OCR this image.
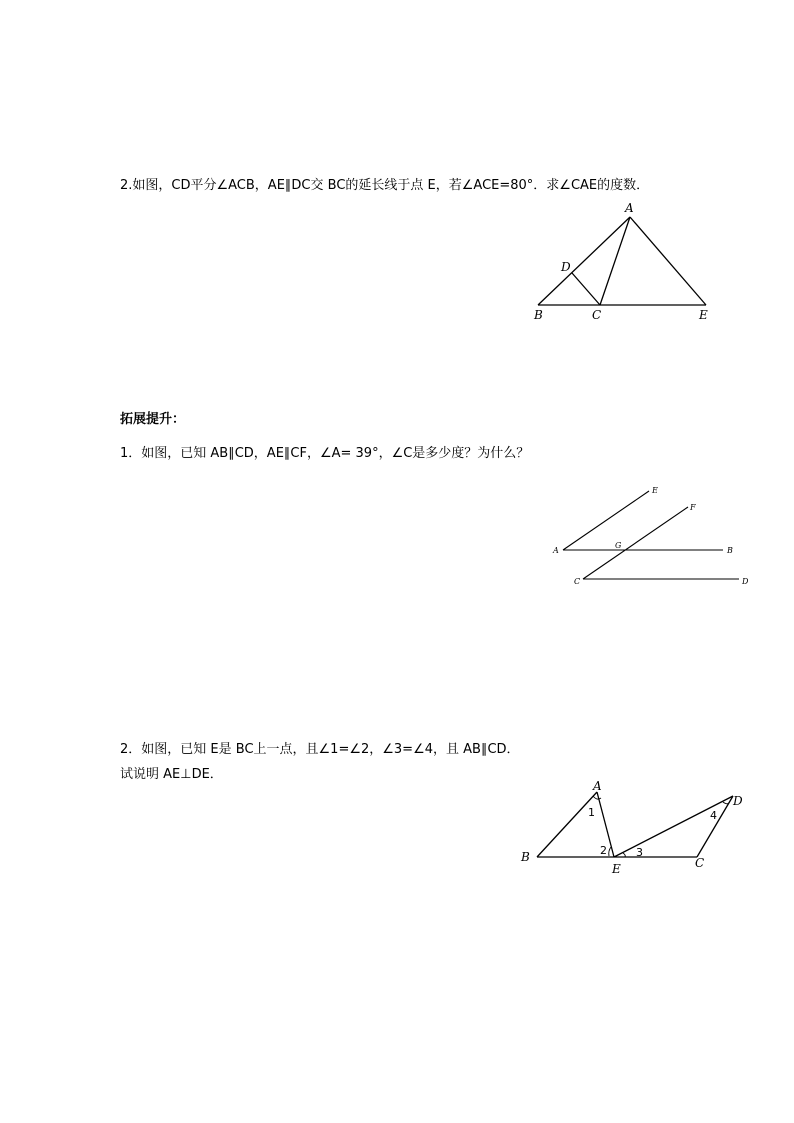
2.如图，CD平分∠ACB，AE∥DC交 BC的延长线于点 E，若∠ACE=80°．求∠CAE的度数．
A
D
B	C	E
拓展提升：
1．如图，已知 AB∥CD，AE∥CF，∠A= 39°，∠C是多少度？为什么？
A	B
C	D
E
F
G
2．如图，已知 E是 BC上一点，且∠1=∠2，∠3=∠4，且 AB∥CD．
试说明 AE⊥DE．
A
B
E	C
D
1
2	3
4
